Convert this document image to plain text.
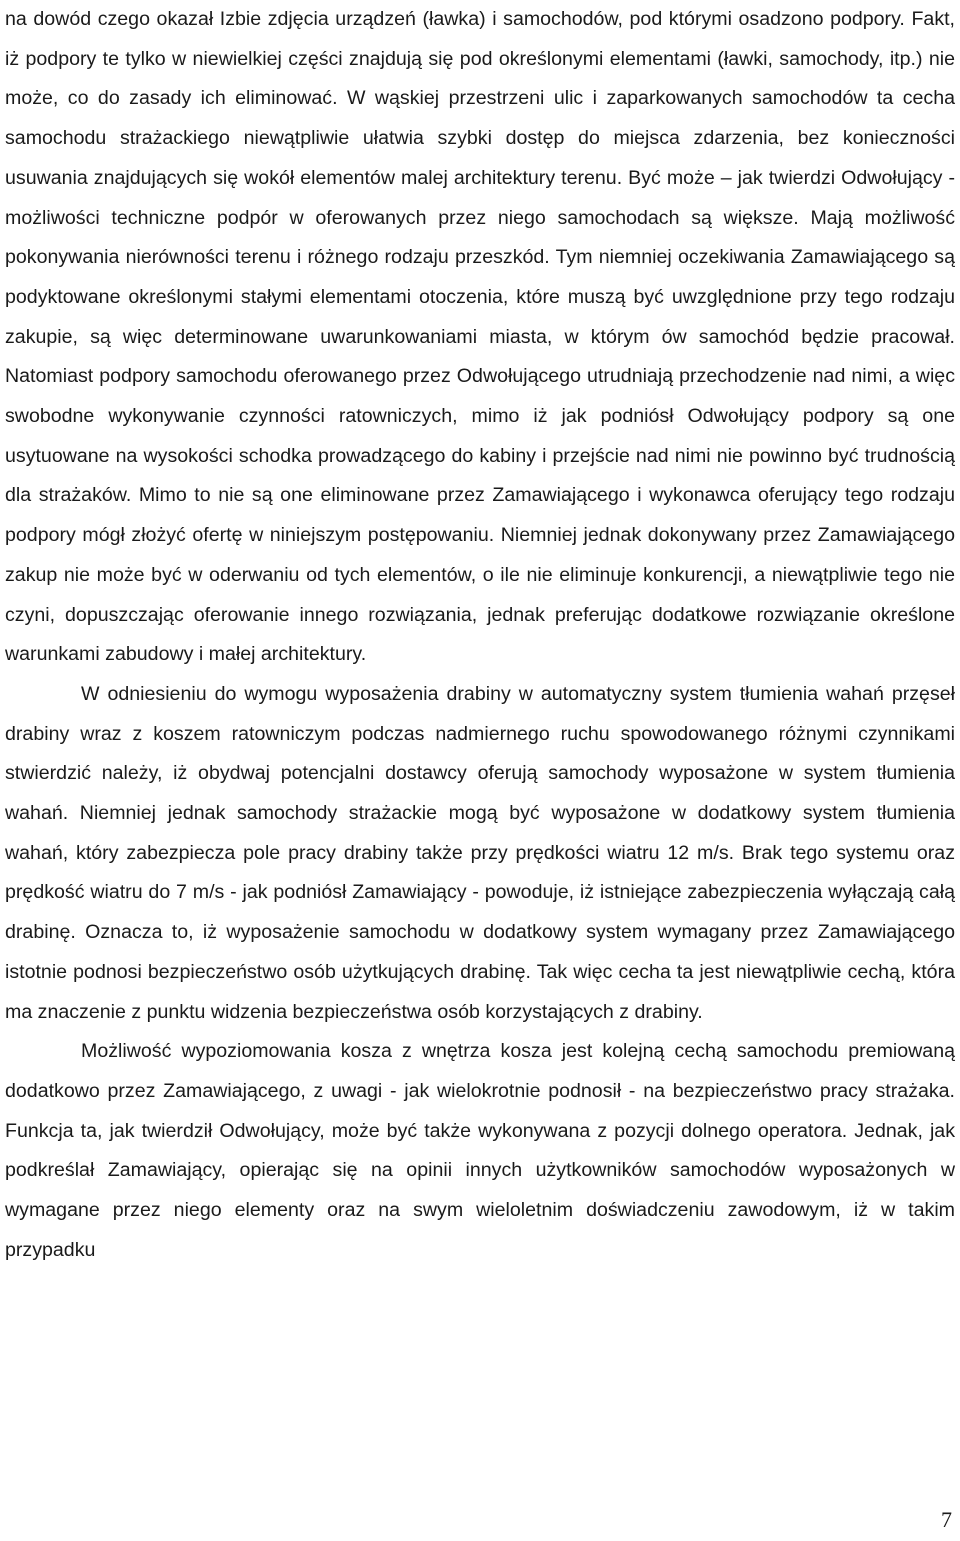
na dowód czego okazał Izbie zdjęcia urządzeń (ławka) i samochodów, pod którymi osadzono podpory. Fakt, iż podpory te tylko w niewielkiej części znajdują się pod określonymi elementami (ławki, samochody, itp.) nie może, co do zasady ich eliminować. W wąskiej przestrzeni ulic i zaparkowanych samochodów ta cecha samochodu strażackiego niewątpliwie ułatwia szybki dostęp do miejsca zdarzenia, bez konieczności usuwania znajdujących się wokół elementów malej architektury terenu. Być może – jak twierdzi Odwołujący - możliwości techniczne podpór w oferowanych przez niego samochodach są większe. Mają możliwość pokonywania nierówności terenu i różnego rodzaju przeszkód. Tym niemniej oczekiwania Zamawiającego są podyktowane określonymi stałymi elementami otoczenia, które muszą być uwzględnione przy tego rodzaju zakupie, są więc determinowane uwarunkowaniami miasta, w którym ów samochód będzie pracował. Natomiast podpory samochodu oferowanego przez Odwołującego utrudniają przechodzenie nad nimi, a więc swobodne wykonywanie czynności ratowniczych, mimo iż jak podniósł Odwołujący podpory są one usytuowane na wysokości schodka prowadzącego do kabiny i przejście nad nimi nie powinno być trudnością dla strażaków. Mimo to nie są one eliminowane przez Zamawiającego i wykonawca oferujący tego rodzaju podpory mógł złożyć ofertę w niniejszym postępowaniu. Niemniej jednak dokonywany przez Zamawiającego zakup nie może być w oderwaniu od tych elementów, o ile nie eliminuje konkurencji, a niewątpliwie tego nie czyni, dopuszczając oferowanie innego rozwiązania, jednak preferując dodatkowe rozwiązanie określone warunkami zabudowy i małej architektury.

W odniesieniu do wymogu wyposażenia drabiny w automatyczny system tłumienia wahań przęseł drabiny wraz z koszem ratowniczym podczas nadmiernego ruchu spowodowanego różnymi czynnikami stwierdzić należy, iż obydwaj potencjalni dostawcy oferują samochody wyposażone w system tłumienia wahań. Niemniej jednak samochody strażackie mogą być wyposażone w dodatkowy system tłumienia wahań, który zabezpiecza pole pracy drabiny także przy prędkości wiatru 12 m/s. Brak tego systemu oraz prędkość wiatru do 7 m/s - jak podniósł Zamawiający - powoduje, iż istniejące zabezpieczenia wyłączają całą drabinę. Oznacza to, iż wyposażenie samochodu w dodatkowy system wymagany przez Zamawiającego istotnie podnosi bezpieczeństwo osób użytkujących drabinę. Tak więc cecha ta jest niewątpliwie cechą, która ma znaczenie z punktu widzenia bezpieczeństwa osób korzystających z drabiny.

Możliwość wypoziomowania kosza z wnętrza kosza jest kolejną cechą samochodu premiowaną dodatkowo przez Zamawiającego, z uwagi - jak wielokrotnie podnosił - na bezpieczeństwo pracy strażaka. Funkcja ta, jak twierdził Odwołujący, może być także wykonywana z pozycji dolnego operatora. Jednak, jak podkreślał Zamawiający, opierając się na opinii innych użytkowników samochodów wyposażonych w wymagane przez niego elementy oraz na swym wieloletnim doświadczeniu zawodowym, iż w takim przypadku

7
